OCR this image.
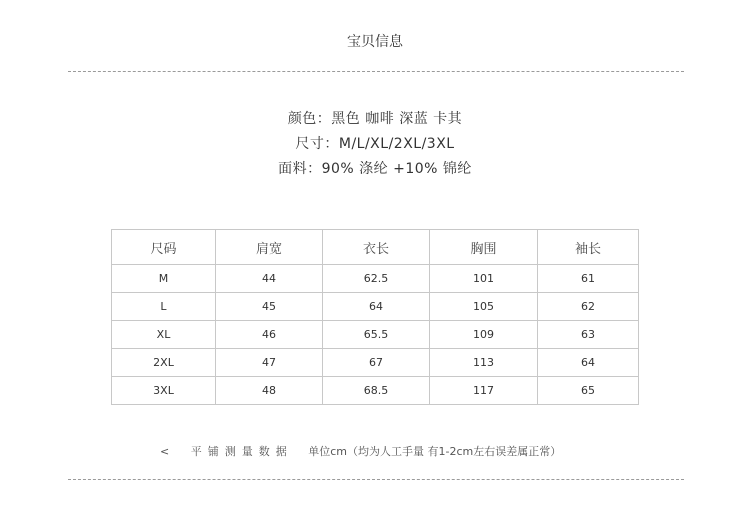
宝贝信息
颜色：黑色 咖啡 深蓝 卡其
尺寸：M/L/XL/2XL/3XL
面料：90% 涤纶 +10% 锦纶
尺码	肩宽	衣长	胸围	袖长
M	44	62.5	101	61
L	45	64	105	62
XL	46	65.5	109	63
2XL	47	67	113	64
3XL	48	68.5	117	65
< 平铺测量数据 单位cm（均为人工手量 有1-2cm左右误差属正常）
